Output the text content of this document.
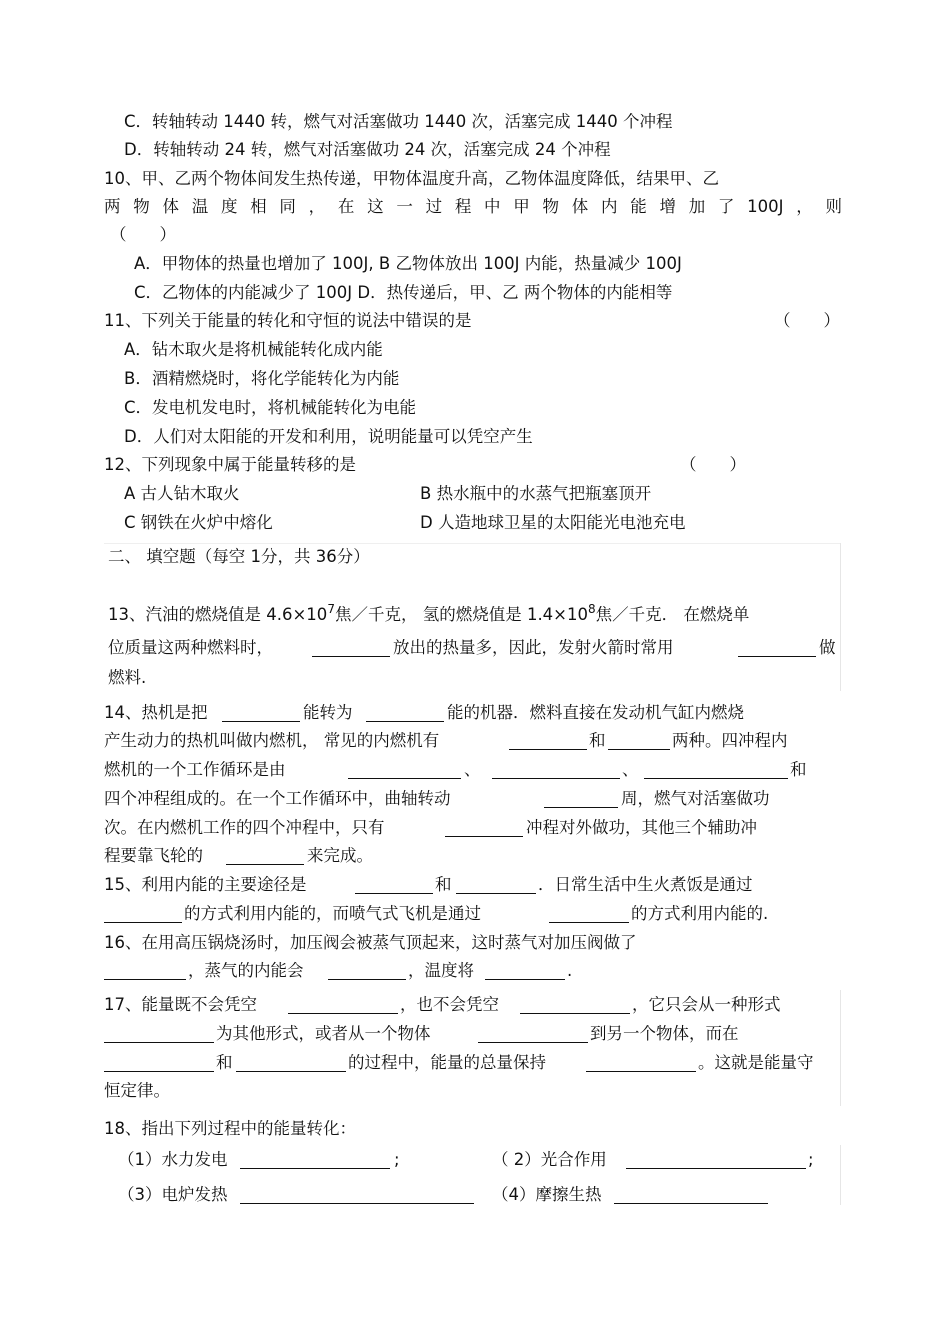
C．转轴转动 1440 转，燃气对活塞做功 1440 次，活塞完成 1440 个冲程
D．转轴转动 24 转，燃气对活塞做功 24 次，活塞完成 24 个冲程
10、甲、乙两个物体间发生热传递，甲物体温度升高，乙物体温度降低，结果甲、乙
两 物 体 温 度 相 同 ， 在 这 一 过 程 中 甲 物 体 内 能 增 加 了 100J ， 则
（　　）
A．甲物体的热量也增加了 100J, B 乙物体放出 100J 内能，热量减少 100J
C．乙物体的内能减少了 100J D．热传递后，甲、乙 两个物体的内能相等
11、下列关于能量的转化和守恒的说法中错误的是	（　　）
A．钻木取火是将机械能转化成内能
B．酒精燃烧时，将化学能转化为内能
C．发电机发电时，将机械能转化为电能
D．人们对太阳能的开发和利用，说明能量可以凭空产生
12、下列现象中属于能量转移的是	（　　）
A 古人钻木取火	B 热水瓶中的水蒸气把瓶塞顶开
C 钢铁在火炉中熔化	D 人造地球卫星的太阳能光电池充电
二、 填空题（每空 1分，共 36分）
13、汽油的燃烧值是 $4.6\times 10^7$焦／千克， 氢的燃烧值是 $1.4\times 10^8$焦／千克． 在燃烧单
位质量这两种燃料时，	放出的热量多，因此，发射火箭时常用	做
燃料.
14、热机是把	能转为	能的机器．燃料直接在发动机气缸内燃烧
产生动力的热机叫做内燃机， 常见的内燃机有	和	两种。四冲程内
燃机的一个工作循环是由	、	、	和
四个冲程组成的。在一个工作循环中，曲轴转动	周，燃气对活塞做功
次。在内燃机工作的四个冲程中，只有	冲程对外做功，其他三个辅助冲
程要靠飞轮的	来完成。
15、利用内能的主要途径是	和	．日常生活中生火煮饭是通过
的方式利用内能的，而喷气式飞机是通过	的方式利用内能的.
16、在用高压锅烧汤时，加压阀会被蒸气顶起来，这时蒸气对加压阀做了
，蒸气的内能会	，温度将	.
17、能量既不会凭空	，也不会凭空	，它只会从一种形式
为其他形式，或者从一个物体	到另一个物体，而在
和	的过程中，能量的总量保持	。这就是能量守
恒定律。
18、指出下列过程中的能量转化：
（1）水力发电	;	（ 2）光合作用	;
（3）电炉发热	（4）摩擦生热
